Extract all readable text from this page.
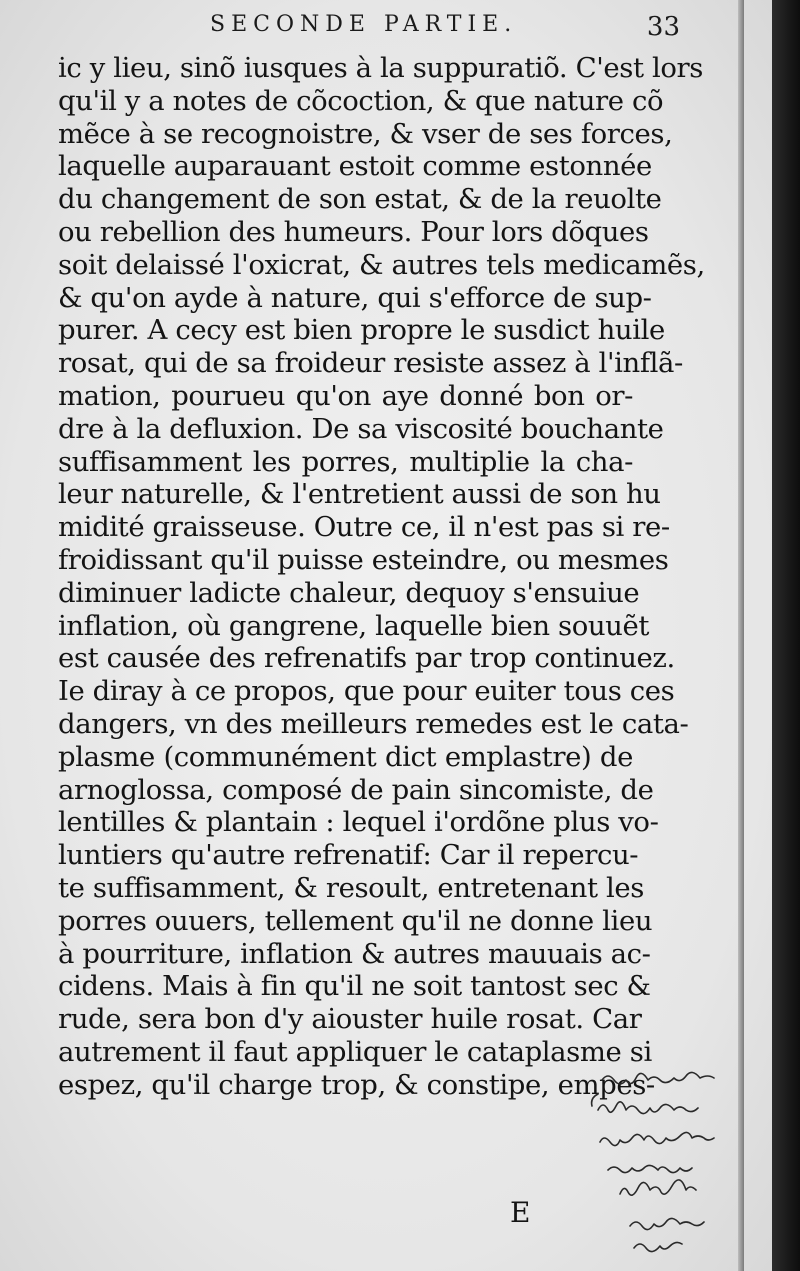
SECONDE PARTIE.	33
ic y lieu, sinõ iusques à la suppuratiõ. C'est lors
qu'il y a notes de cõcoction, & que nature cõ
mẽce à se recognoistre, & vser de ses forces,
laquelle auparauant estoit comme estonnée
du changement de son estat, & de la reuolte
ou rebellion des humeurs. Pour lors dõques
soit delaissé l'oxicrat, & autres tels medicamẽs,
& qu'on ayde à nature, qui s'efforce de sup-
purer. A cecy est bien propre le susdict huile
rosat, qui de sa froideur resiste assez à l'inflã-
mation, pourueu qu'on aye donné bon or-
dre à la defluxion. De sa viscosité bouchante
suffisamment les porres, multiplie la cha-
leur naturelle, & l'entretient aussi de son hu
midité graisseuse. Outre ce, il n'est pas si re-
froidissant qu'il puisse esteindre, ou mesmes
diminuer ladicte chaleur, dequoy s'ensuiue
inflation, où gangrene, laquelle bien souuẽt
est causée des refrenatifs par trop continuez.
Ie diray à ce propos, que pour euiter tous ces
dangers, vn des meilleurs remedes est le cata-
plasme (communément dict emplastre) de
arnoglossa, composé de pain sincomiste, de
lentilles & plantain : lequel i'ordõne plus vo-
luntiers qu'autre refrenatif: Car il repercu-
te suffisamment, & resoult, entretenant les
porres ouuers, tellement qu'il ne donne lieu
à pourriture, inflation & autres mauuais ac-
cidens. Mais à fin qu'il ne soit tantost sec &
rude, sera bon d'y aiouster huile rosat. Car
autrement il faut appliquer le cataplasme si
espez, qu'il charge trop, & constipe, empes-
E
